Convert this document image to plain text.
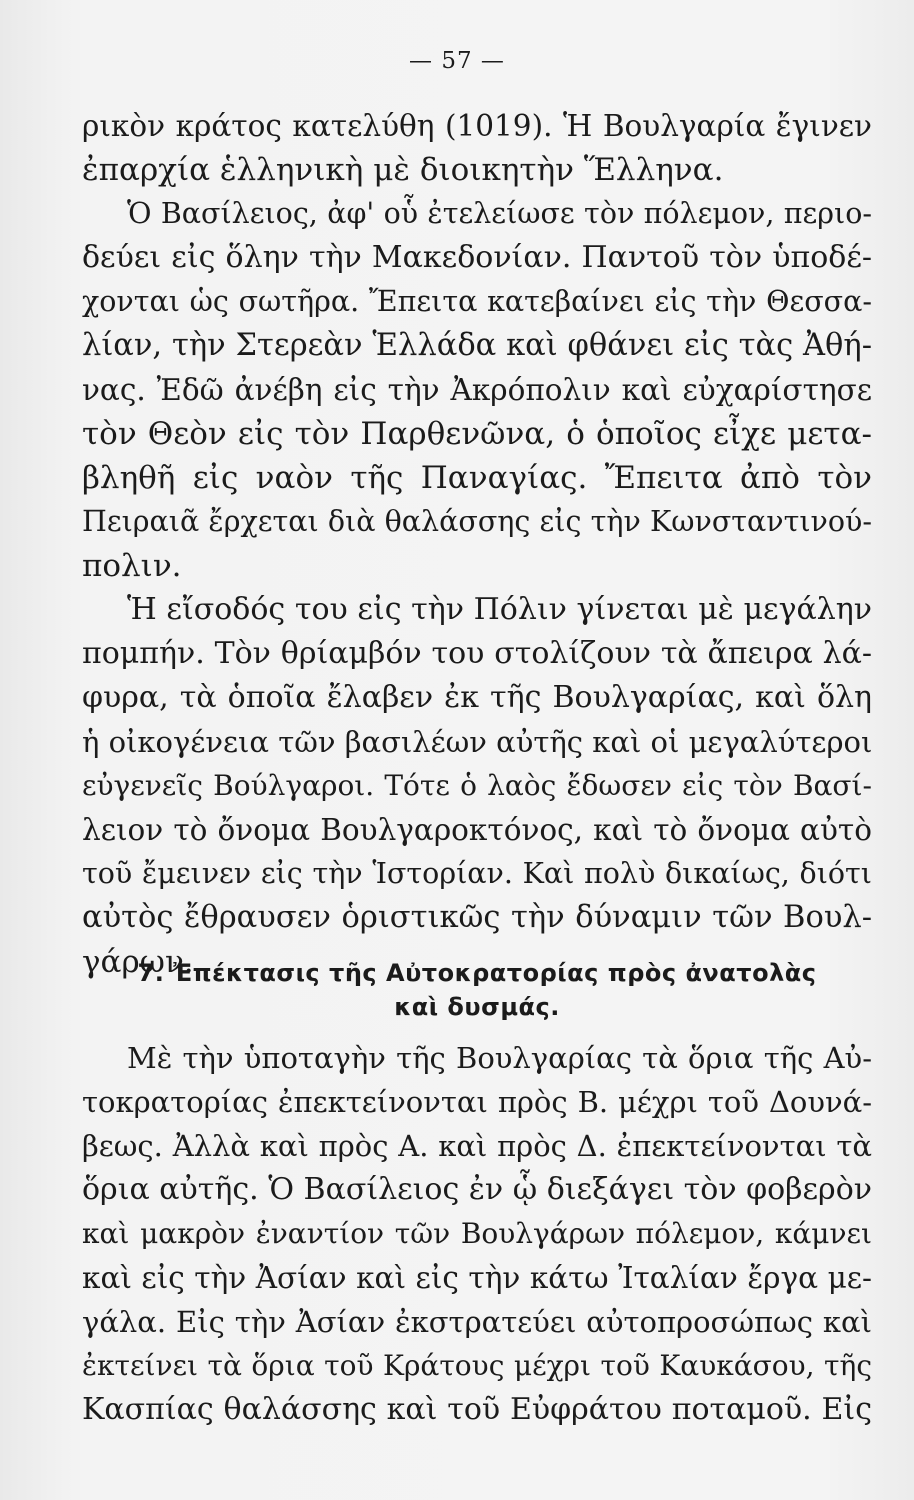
— 57 —
ρικὸν κράτος κατελύθη (1019). Ἡ Βουλγαρία ἔγινεν
ἐπαρχία ἑλληνικὴ μὲ διοικητὴν Ἕλληνα.
Ὁ Βασίλειος, ἀφ' οὗ ἐτελείωσε τὸν πόλεμον, περιο-
δεύει εἰς ὅλην τὴν Μακεδονίαν. Παντοῦ τὸν ὑποδέ-
χονται ὡς σωτῆρα. Ἔπειτα κατεβαίνει εἰς τὴν Θεσσα-
λίαν, τὴν Στερεὰν Ἑλλάδα καὶ φθάνει εἰς τὰς Ἀθή-
νας. Ἐδῶ ἀνέβη εἰς τὴν Ἀκρόπολιν καὶ εὐχαρίστησε
τὸν Θεὸν εἰς τὸν Παρθενῶνα, ὁ ὁποῖος εἶχε μετα-
βληθῆ εἰς ναὸν τῆς Παναγίας. Ἔπειτα ἀπὸ τὸν
Πειραιᾶ ἔρχεται διὰ θαλάσσης εἰς τὴν Κωνσταντινού-
πολιν.
Ἡ εἴσοδός του εἰς τὴν Πόλιν γίνεται μὲ μεγάλην
πομπήν. Τὸν θρίαμβόν του στολίζουν τὰ ἄπειρα λά-
φυρα, τὰ ὁποῖα ἔλαβεν ἐκ τῆς Βουλγαρίας, καὶ ὅλη
ἡ οἰκογένεια τῶν βασιλέων αὐτῆς καὶ οἱ μεγαλύτεροι
εὐγενεῖς Βούλγαροι. Τότε ὁ λαὸς ἔδωσεν εἰς τὸν Βασί-
λειον τὸ ὄνομα Βουλγαροκτόνος, καὶ τὸ ὄνομα αὐτὸ
τοῦ ἔμεινεν εἰς τὴν Ἱστορίαν. Καὶ πολὺ δικαίως, διότι
αὐτὸς ἔθραυσεν ὁριστικῶς τὴν δύναμιν τῶν Βουλ-
γάρων.
7. Ἐπέκτασις τῆς Αὐτοκρατορίας πρὸς ἀνατολὰς
καὶ δυσμάς.
Μὲ τὴν ὑποταγὴν τῆς Βουλγαρίας τὰ ὅρια τῆς Αὐ-
τοκρατορίας ἐπεκτείνονται πρὸς Β. μέχρι τοῦ Δουνά-
βεως. Ἀλλὰ καὶ πρὸς Α. καὶ πρὸς Δ. ἐπεκτείνονται τὰ
ὅρια αὐτῆς. Ὁ Βασίλειος ἐν ᾧ διεξάγει τὸν φοβερὸν
καὶ μακρὸν ἐναντίον τῶν Βουλγάρων πόλεμον, κάμνει
καὶ εἰς τὴν Ἀσίαν καὶ εἰς τὴν κάτω Ἰταλίαν ἔργα με-
γάλα. Εἰς τὴν Ἀσίαν ἐκστρατεύει αὐτοπροσώπως καὶ
ἐκτείνει τὰ ὅρια τοῦ Κράτους μέχρι τοῦ Καυκάσου, τῆς
Κασπίας θαλάσσης καὶ τοῦ Εὐφράτου ποταμοῦ. Εἰς
